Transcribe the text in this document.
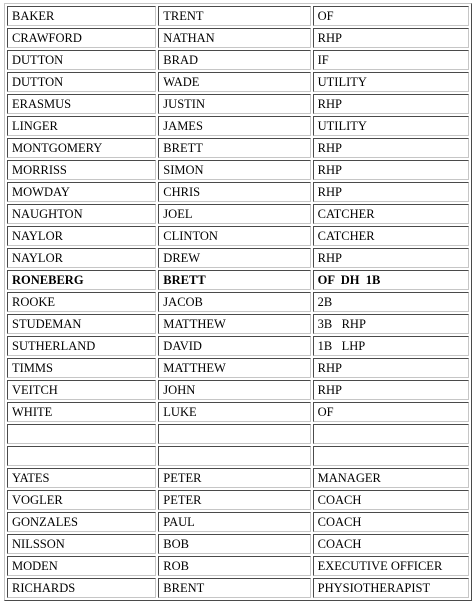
BAKER	TRENT	OF
CRAWFORD	NATHAN	RHP
DUTTON	BRAD	IF
DUTTON	WADE	UTILITY
ERASMUS	JUSTIN	RHP
LINGER	JAMES	UTILITY
MONTGOMERY	BRETT	RHP
MORRISS	SIMON	RHP
MOWDAY	CHRIS	RHP
NAUGHTON	JOEL	CATCHER
NAYLOR	CLINTON	CATCHER
NAYLOR	DREW	RHP
RONEBERG	BRETT	OF  DH  1B
ROOKE	JACOB	2B
STUDEMAN	MATTHEW	3B   RHP
SUTHERLAND	DAVID	1B   LHP
TIMMS	MATTHEW	RHP
VEITCH	JOHN	RHP
WHITE	LUKE	OF

YATES	PETER	MANAGER
VOGLER	PETER	COACH
GONZALES	PAUL	COACH
NILSSON	BOB	COACH
MODEN	ROB	EXECUTIVE OFFICER
RICHARDS	BRENT	PHYSIOTHERAPIST
